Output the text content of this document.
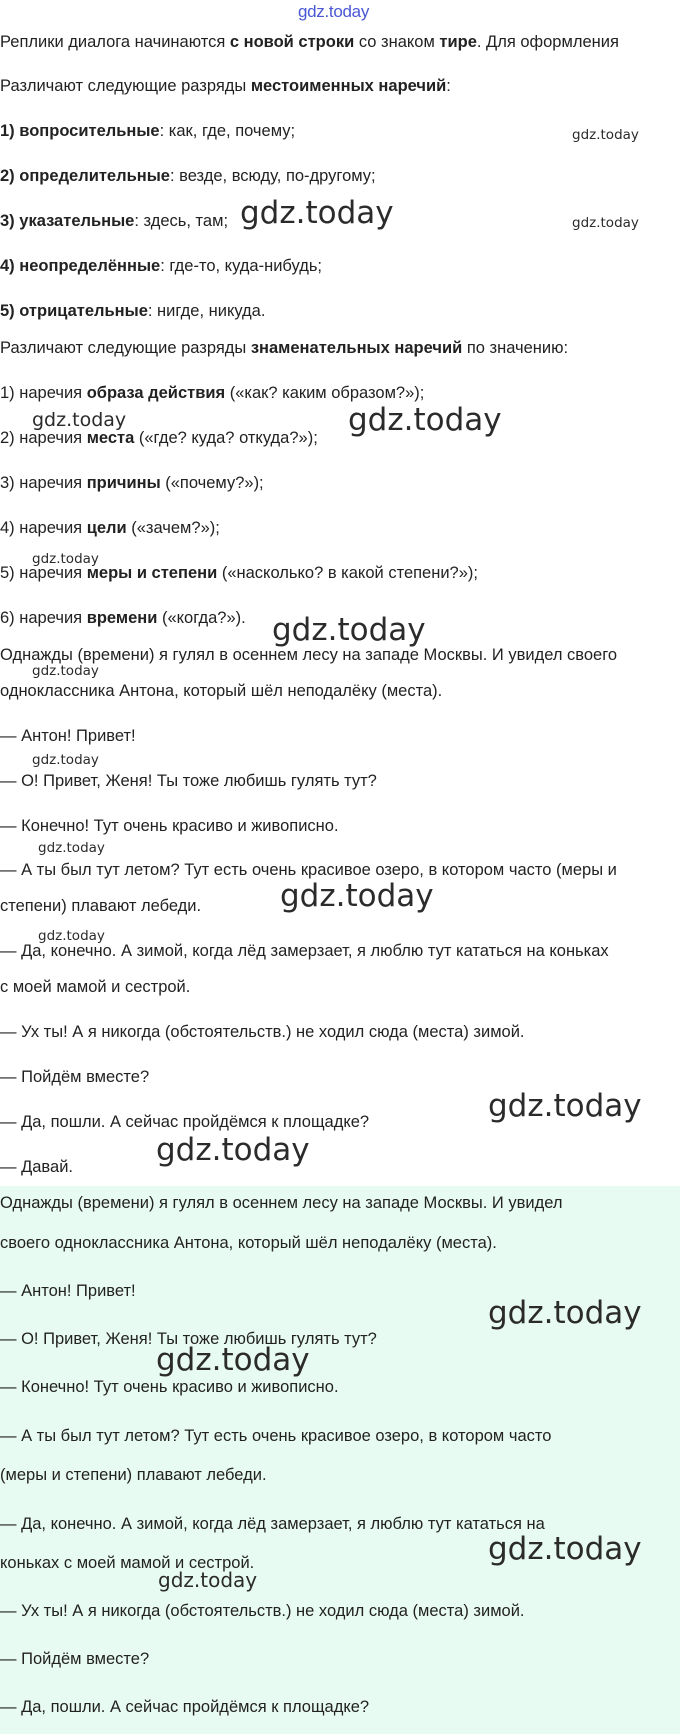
gdz.today
Реплики диалога начинаются с новой строки со знаком тире. Для оформления
Различают следующие разряды местоименных наречий:
1) вопросительные: как, где, почему;
2) определительные: везде, всюду, по-другому;
3) указательные: здесь, там;
4) неопределённые: где-то, куда-нибудь;
5) отрицательные: нигде, никуда.
Различают следующие разряды знаменательных наречий по значению:
1) наречия образа действия («как? каким образом?»);
2) наречия места («где? куда? откуда?»);
3) наречия причины («почему?»);
4) наречия цели («зачем?»);
5) наречия меры и степени («насколько? в какой степени?»);
6) наречия времени («когда?»).
Однажды (времени) я гулял в осеннем лесу на западе Москвы. И увидел своего
одноклассника Антона, который шёл неподалёку (места).
— Антон! Привет!
— О! Привет, Женя! Ты тоже любишь гулять тут?
— Конечно! Тут очень красиво и живописно.
— А ты был тут летом? Тут есть очень красивое озеро, в котором часто (меры и
степени) плавают лебеди.
— Да, конечно. А зимой, когда лёд замерзает, я люблю тут кататься на коньках
с моей мамой и сестрой.
— Ух ты! А я никогда (обстоятельств.) не ходил сюда (места) зимой.
— Пойдём вместе?
— Да, пошли. А сейчас пройдёмся к площадке?
— Давай.
Однажды (времени) я гулял в осеннем лесу на западе Москвы. И увидел
своего одноклассника Антона, который шёл неподалёку (места).
— Антон! Привет!
— О! Привет, Женя! Ты тоже любишь гулять тут?
— Конечно! Тут очень красиво и живописно.
— А ты был тут летом? Тут есть очень красивое озеро, в котором часто
(меры и степени) плавают лебеди.
— Да, конечно. А зимой, когда лёд замерзает, я люблю тут кататься на
коньках с моей мамой и сестрой.
— Ух ты! А я никогда (обстоятельств.) не ходил сюда (места) зимой.
— Пойдём вместе?
— Да, пошли. А сейчас пройдёмся к площадке?
gdz.today
gdz.today
gdz.today
gdz.today	gdz.today
gdz.today
gdz.today
gdz.today
gdz.today
gdz.today
gdz.today
gdz.today
gdz.today
gdz.today
gdz.today
gdz.today
gdz.today
gdz.today
